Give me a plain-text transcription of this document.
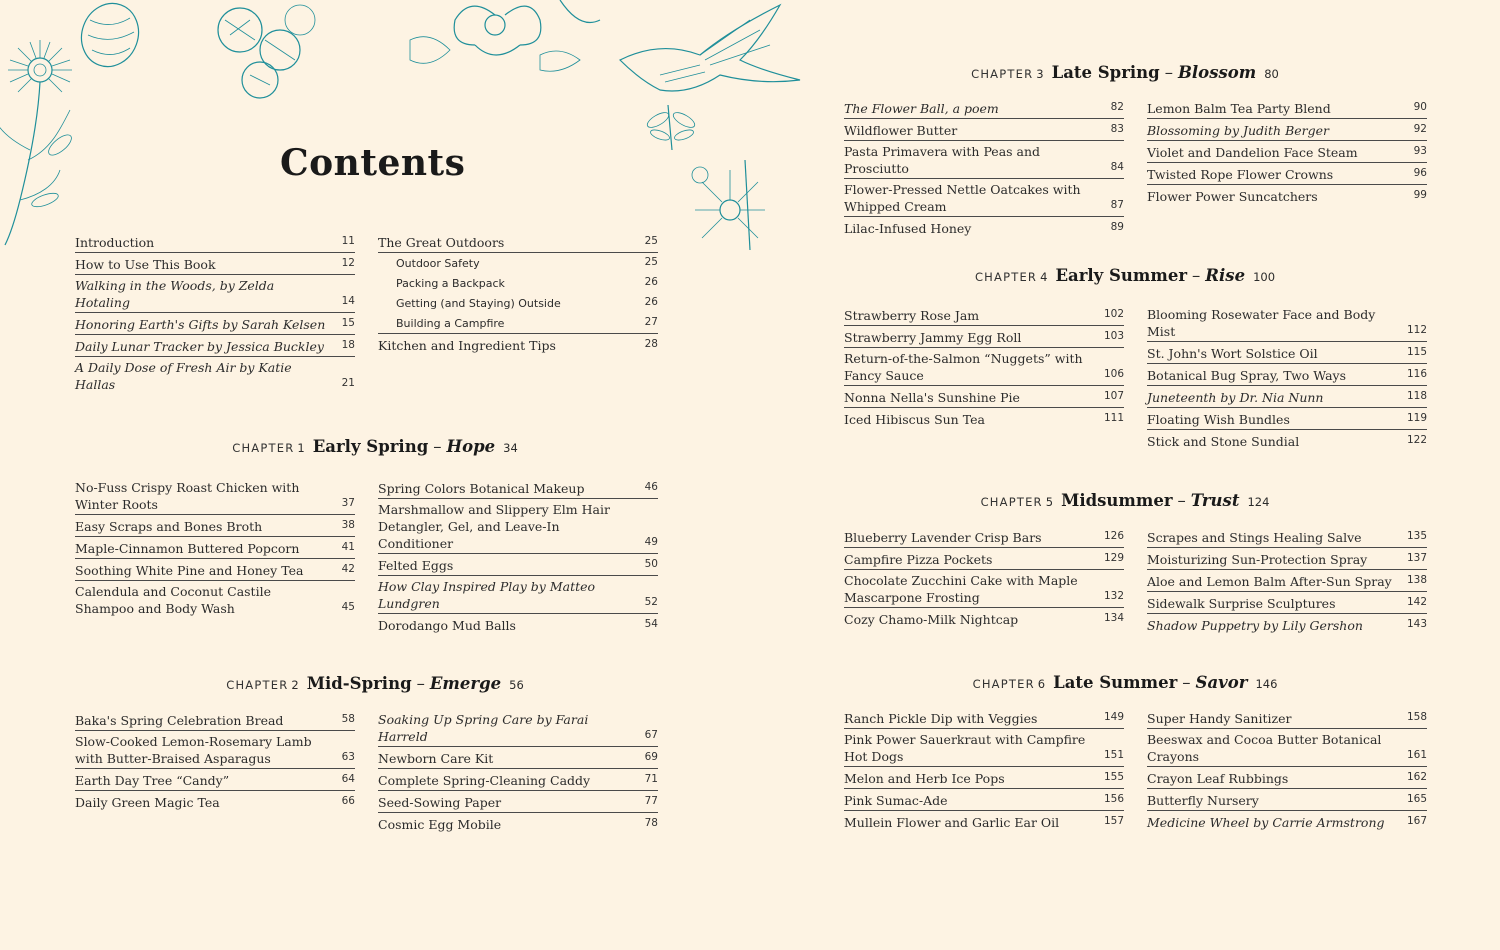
Contents
Introduction	11
How to Use This Book	12
Walking in the Woods, by Zelda Hotaling	14
Honoring Earth's Gifts by Sarah Kelsen	15
Daily Lunar Tracker by Jessica Buckley	18
A Daily Dose of Fresh Air by Katie Hallas	21
The Great Outdoors	25
Outdoor Safety	25
Packing a Backpack	26
Getting (and Staying) Outside	26
Building a Campfire	27
Kitchen and Ingredient Tips	28
CHAPTER 1 Early Spring – Hope 34
No-Fuss Crispy Roast Chicken with Winter Roots	37
Easy Scraps and Bones Broth	38
Maple-Cinnamon Buttered Popcorn	41
Soothing White Pine and Honey Tea	42
Calendula and Coconut Castile Shampoo and Body Wash	45
Spring Colors Botanical Makeup	46
Marshmallow and Slippery Elm Hair Detangler, Gel, and Leave-In Conditioner	49
Felted Eggs	50
How Clay Inspired Play by Matteo Lundgren	52
Dorodango Mud Balls	54
CHAPTER 2 Mid-Spring – Emerge 56
Baka's Spring Celebration Bread	58
Slow-Cooked Lemon-Rosemary Lamb with Butter-Braised Asparagus	63
Earth Day Tree “Candy”	64
Daily Green Magic Tea	66
Soaking Up Spring Care by Farai Harreld	67
Newborn Care Kit	69
Complete Spring-Cleaning Caddy	71
Seed-Sowing Paper	77
Cosmic Egg Mobile	78
CHAPTER 3 Late Spring – Blossom 80
The Flower Ball, a poem	82
Wildflower Butter	83
Pasta Primavera with Peas and Prosciutto	84
Flower-Pressed Nettle Oatcakes with Whipped Cream	87
Lilac-Infused Honey	89
Lemon Balm Tea Party Blend	90
Blossoming by Judith Berger	92
Violet and Dandelion Face Steam	93
Twisted Rope Flower Crowns	96
Flower Power Suncatchers	99
CHAPTER 4 Early Summer – Rise 100
Strawberry Rose Jam	102
Strawberry Jammy Egg Roll	103
Return-of-the-Salmon “Nuggets” with Fancy Sauce	106
Nonna Nella's Sunshine Pie	107
Iced Hibiscus Sun Tea	111
Blooming Rosewater Face and Body Mist	112
St. John's Wort Solstice Oil	115
Botanical Bug Spray, Two Ways	116
Juneteenth by Dr. Nia Nunn	118
Floating Wish Bundles	119
Stick and Stone Sundial	122
CHAPTER 5 Midsummer – Trust 124
Blueberry Lavender Crisp Bars	126
Campfire Pizza Pockets	129
Chocolate Zucchini Cake with Maple Mascarpone Frosting	132
Cozy Chamo-Milk Nightcap	134
Scrapes and Stings Healing Salve	135
Moisturizing Sun-Protection Spray	137
Aloe and Lemon Balm After-Sun Spray	138
Sidewalk Surprise Sculptures	142
Shadow Puppetry by Lily Gershon	143
CHAPTER 6 Late Summer – Savor 146
Ranch Pickle Dip with Veggies	149
Pink Power Sauerkraut with Campfire Hot Dogs	151
Melon and Herb Ice Pops	155
Pink Sumac-Ade	156
Mullein Flower and Garlic Ear Oil	157
Super Handy Sanitizer	158
Beeswax and Cocoa Butter Botanical Crayons	161
Crayon Leaf Rubbings	162
Butterfly Nursery	165
Medicine Wheel by Carrie Armstrong	167
